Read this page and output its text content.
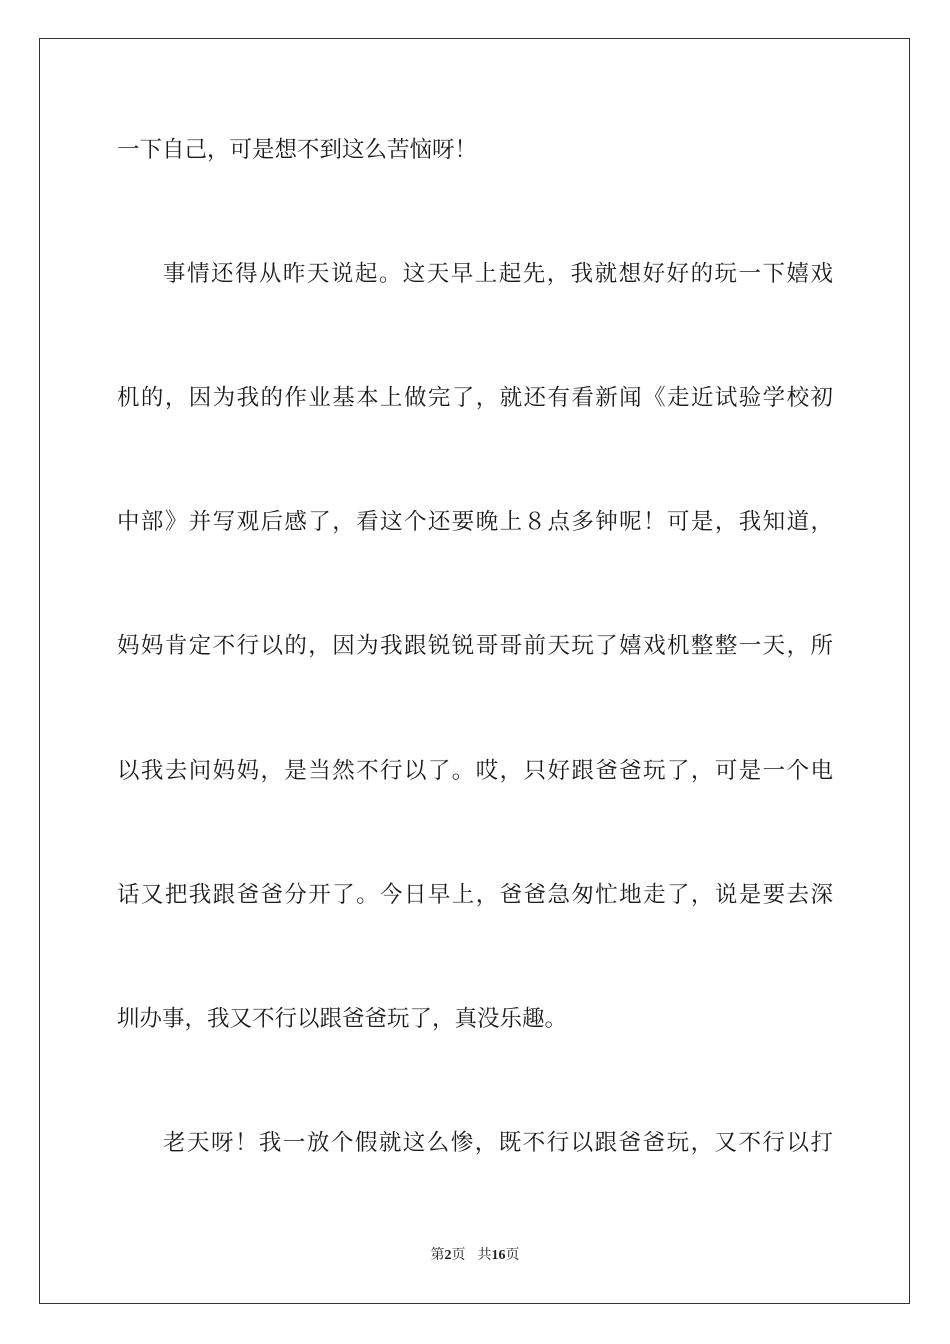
一下自己，可是想不到这么苦恼呀！
事情还得从昨天说起。这天早上起先，我就想好好的玩一下嬉戏
机的，因为我的作业基本上做完了，就还有看新闻《走近试验学校初
中部》并写观后感了，看这个还要晚上８点多钟呢！可是，我知道，
妈妈肯定不行以的，因为我跟锐锐哥哥前天玩了嬉戏机整整一天，所
以我去问妈妈，是当然不行以了。哎，只好跟爸爸玩了，可是一个电
话又把我跟爸爸分开了。今日早上，爸爸急匆忙地走了，说是要去深
圳办事，我又不行以跟爸爸玩了，真没乐趣。
老天呀！我一放个假就这么惨，既不行以跟爸爸玩，又不行以打
第2页 共16页
